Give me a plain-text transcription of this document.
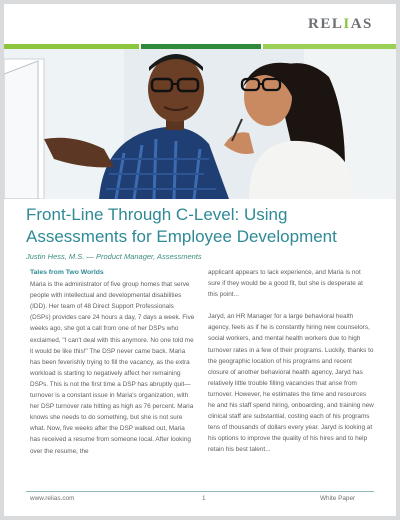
RELIAS
Front-Line Through C-Level: Using Assessments for Employee Development
Justin Hess, M.S. — Product Manager, Assessments
Tales from Two Worlds

Maria is the administrator of five group homes that serve people with intellectual and developmental disabilities (IDD). Her team of 48 Direct Support Professionals (DSPs) provides care 24 hours a day, 7 days a week. Five weeks ago, she got a call from one of her DSPs who exclaimed, "I can't deal with this anymore. No one told me it would be like this!" The DSP never came back. Maria has been feverishly trying to fill the vacancy, as the extra workload is starting to negatively affect her remaining DSPs. This is not the first time a DSP has abruptly quit—turnover is a constant issue in Maria's organization, with her DSP turnover rate hitting as high as 76 percent. Maria knows she needs to do something, but she is not sure what. Now, five weeks after the DSP walked out, Maria has received a resume from someone local. After looking over the resume, the

applicant appears to lack experience, and Maria is not sure if they would be a good fit, but she is desperate at this point...

Jaryd, an HR Manager for a large behavioral health agency, feels as if he is constantly hiring new counselors, social workers, and mental health workers due to high turnover rates in a few of their programs. Luckily, thanks to the geographic location of his programs and recent closure of another behavioral health agency, Jaryd has relatively little trouble filling vacancies that arise from turnover. However, he estimates the time and resources he and his staff spend hiring, onboarding, and training new clinical staff are substantial, costing each of his programs tens of thousands of dollars every year. Jaryd is looking at his options to improve the quality of his hires and to help retain his best talent...

www.relias.com	1	White Paper
